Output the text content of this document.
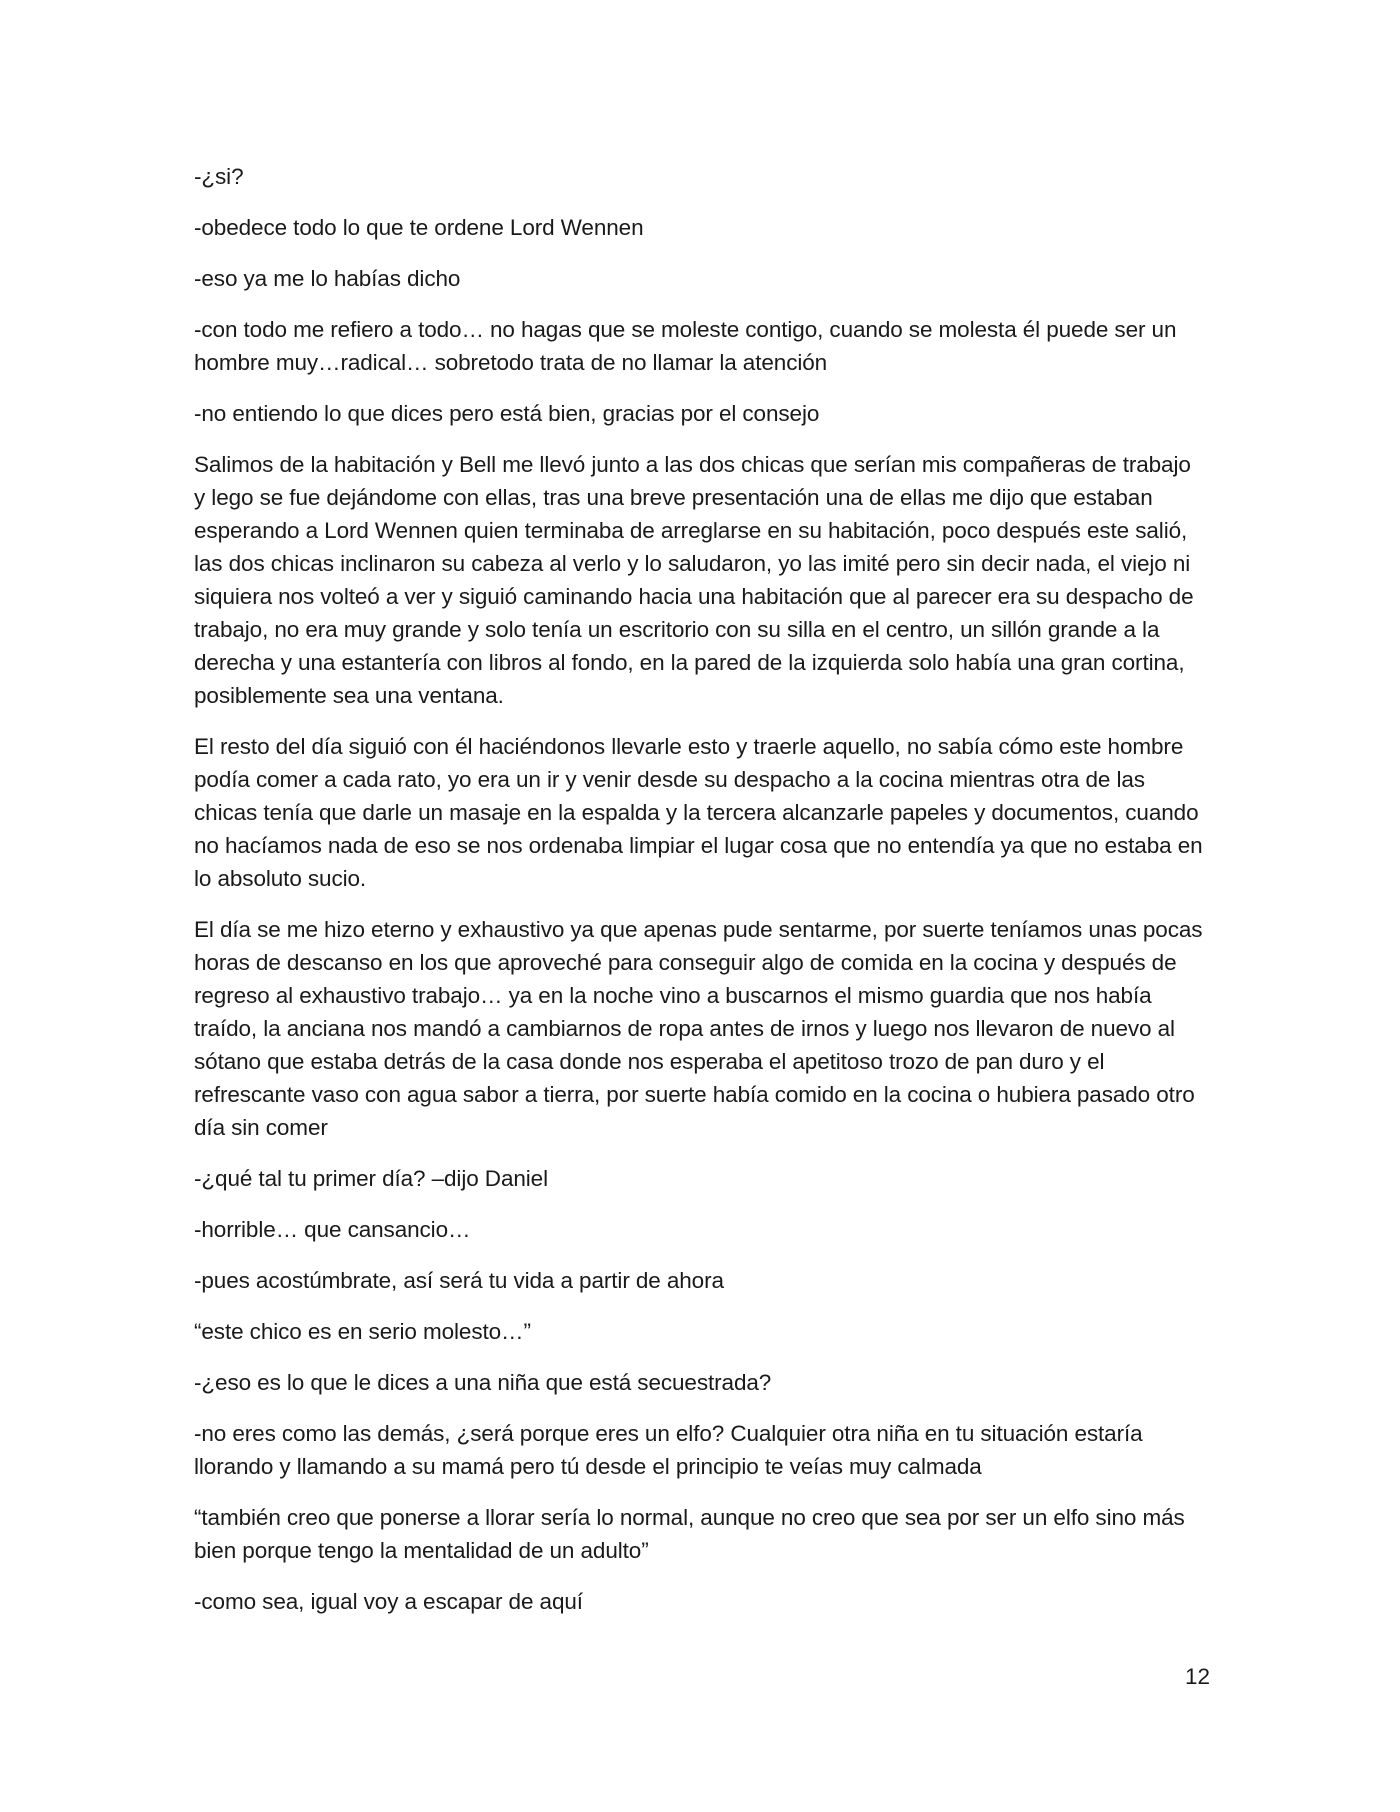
-¿si?

-obedece todo lo que te ordene Lord Wennen

-eso ya me lo habías dicho

-con todo me refiero a todo… no hagas que se moleste contigo, cuando se molesta él puede ser un hombre muy…radical… sobretodo trata de no llamar la atención

-no entiendo lo que dices pero está bien, gracias por el consejo

Salimos de la habitación y Bell me llevó junto a las dos chicas que serían mis compañeras de trabajo y lego se fue dejándome con ellas, tras una breve presentación una de ellas me dijo que estaban esperando a Lord Wennen quien terminaba de arreglarse en su habitación, poco después este salió, las dos chicas inclinaron su cabeza al verlo y lo saludaron, yo las imité pero sin decir nada, el viejo ni siquiera nos volteó a ver y siguió caminando hacia una habitación que al parecer era su despacho de trabajo, no era muy grande y solo tenía un escritorio con su silla en el centro, un sillón grande a la derecha y una estantería con libros al fondo, en la pared de la izquierda solo había una gran cortina, posiblemente sea una ventana.

El resto del día siguió con él haciéndonos llevarle esto y traerle aquello, no sabía cómo este hombre podía comer a cada rato, yo era un ir y venir desde su despacho a la cocina mientras otra de las chicas tenía que darle un masaje en la espalda y la tercera alcanzarle papeles y documentos, cuando no hacíamos nada de eso se nos ordenaba limpiar el lugar cosa que no entendía ya que no estaba en lo absoluto sucio.

El día se me hizo eterno y exhaustivo ya que apenas pude sentarme, por suerte teníamos unas pocas horas de descanso en los que aproveché para conseguir algo de comida en la cocina y después de regreso al exhaustivo trabajo… ya en la noche vino a buscarnos el mismo guardia que nos había traído, la anciana nos mandó a cambiarnos de ropa antes de irnos y luego nos llevaron de nuevo al sótano que estaba detrás de la casa donde nos esperaba el apetitoso trozo de pan duro y el refrescante vaso con agua sabor a tierra, por suerte había comido en la cocina o hubiera pasado otro día sin comer

-¿qué tal tu primer día? –dijo Daniel

-horrible… que cansancio…

-pues acostúmbrate, así será tu vida a partir de ahora

“este chico es en serio molesto…”

-¿eso es lo que le dices a una niña que está secuestrada?

-no eres como las demás, ¿será porque eres un elfo? Cualquier otra niña en tu situación estaría llorando y llamando a su mamá pero tú desde el principio te veías muy calmada

“también creo que ponerse a llorar sería lo normal, aunque no creo que sea por ser un elfo sino más bien porque tengo la mentalidad de un adulto”

-como sea, igual voy a escapar de aquí

12
